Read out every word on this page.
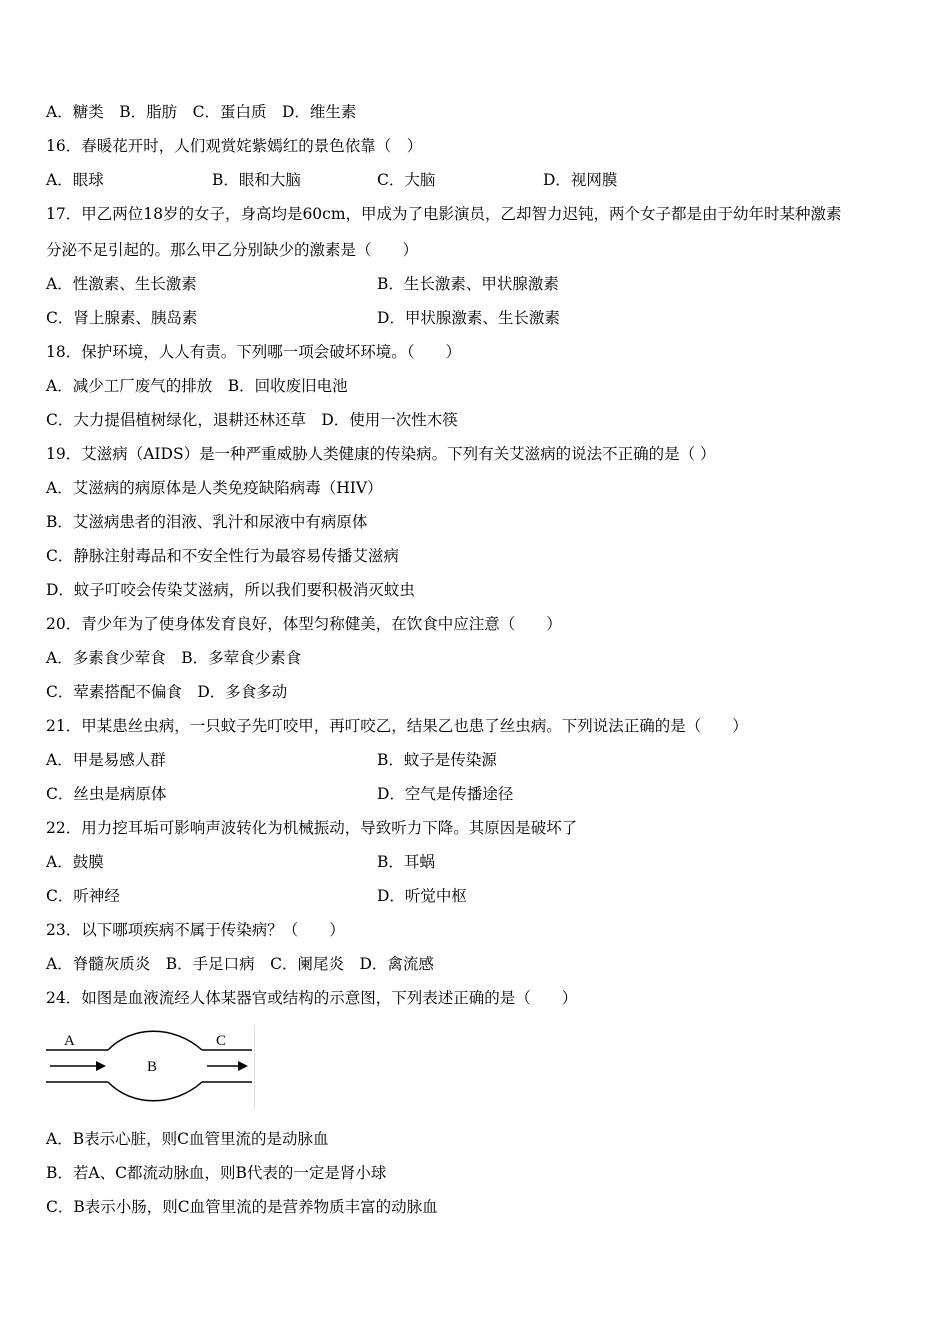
A．糖类　B．脂肪　C．蛋白质　D．维生素
16．春暖花开时，人们观赏姹紫嫣红的景色依靠（　）
A．眼球	B．眼和大脑	C．大脑	D．视网膜
17．甲乙两位18岁的女子，身高均是60cm，甲成为了电影演员，乙却智力迟钝，两个女子都是由于幼年时某种激素
分泌不足引起的。那么甲乙分别缺少的激素是（　　）
A．性激素、生长激素	B．生长激素、甲状腺激素
C．肾上腺素、胰岛素	D．甲状腺激素、生长激素
18．保护环境，人人有责。下列哪一项会破坏环境。（　　）
A．减少工厂废气的排放　B．回收废旧电池
C．大力提倡植树绿化，退耕还林还草　D．使用一次性木筷
19．艾滋病（AIDS）是一种严重威胁人类健康的传染病。下列有关艾滋病的说法不正确的是（ ）
A．艾滋病的病原体是人类免疫缺陷病毒（HIV）
B．艾滋病患者的泪液、乳汁和尿液中有病原体
C．静脉注射毒品和不安全性行为最容易传播艾滋病
D．蚊子叮咬会传染艾滋病，所以我们要积极消灭蚊虫
20．青少年为了使身体发育良好，体型匀称健美，在饮食中应注意（　　）
A．多素食少荤食　B．多荤食少素食
C．荤素搭配不偏食　D．多食多动
21．甲某患丝虫病，一只蚊子先叮咬甲，再叮咬乙，结果乙也患了丝虫病。下列说法正确的是（　　）
A．甲是易感人群	B．蚊子是传染源
C．丝虫是病原体	D．空气是传播途径
22．用力挖耳垢可影响声波转化为机械振动，导致听力下降。其原因是破坏了
A．鼓膜	B．耳蜗
C．听神经	D．听觉中枢
23．以下哪项疾病不属于传染病？（　　）
A．脊髓灰质炎　B．手足口病　C．阑尾炎　D．禽流感
24．如图是血液流经人体某器官或结构的示意图，下列表述正确的是（　　）
A
B
C
A．B表示心脏，则C血管里流的是动脉血
B．若A、C都流动脉血，则B代表的一定是肾小球
C．B表示小肠，则C血管里流的是营养物质丰富的动脉血
